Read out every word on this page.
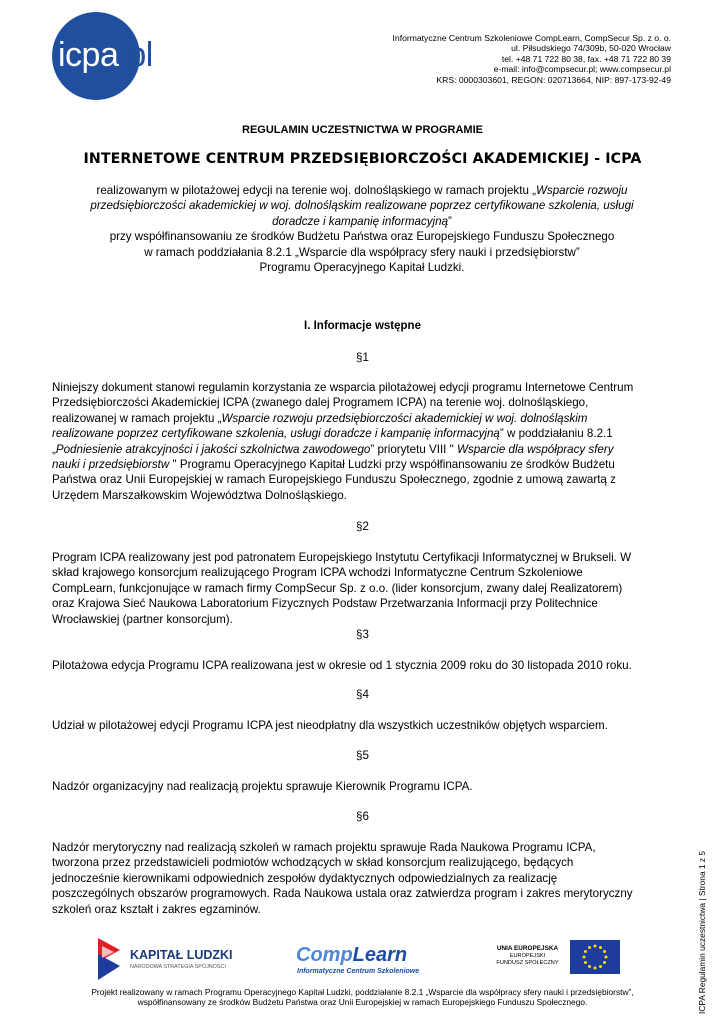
icpa.pl	Informatyczne Centrum Szkoleniowe CompLearn, CompSecur Sp. z o. o.
ul. Piłsudskiego 74/309b, 50-020 Wrocław
tel. +48 71 722 80 38, fax. +48 71 722 80 39
e-mail: info@compsecur.pl; www.compsecur.pl
KRS: 0000303601, REGON: 020713664, NIP: 897-173-92-49
REGULAMIN UCZESTNICTWA W PROGRAMIE
INTERNETOWE CENTRUM PRZEDSIĘBIORCZOŚCI AKADEMICKIEJ - ICPA
realizowanym w pilotażowej edycji na terenie woj. dolnośląskiego w ramach projektu „Wsparcie rozwoju
przedsiębiorczości akademickiej w woj. dolnośląskim realizowane poprzez certyfikowane szkolenia, usługi
doradcze i kampanię informacyjną”
przy współfinansowaniu ze środków Budżetu Państwa oraz Europejskiego Funduszu Społecznego
w ramach poddziałania 8.2.1 „Wsparcie dla współpracy sfery nauki i przedsiębiorstw”
Programu Operacyjnego Kapitał Ludzki.
I. Informacje wstępne
§1
Niniejszy dokument stanowi regulamin korzystania ze wsparcia pilotażowej edycji programu Internetowe Centrum
Przedsiębiorczości Akademickiej ICPA (zwanego dalej Programem ICPA) na terenie woj. dolnośląskiego,
realizowanej w ramach projektu „Wsparcie rozwoju przedsiębiorczości akademickiej w woj. dolnośląskim
realizowane poprzez certyfikowane szkolenia, usługi doradcze i kampanię informacyjną” w poddziałaniu 8.2.1
„Podniesienie atrakcyjności i jakości szkolnictwa zawodowego” priorytetu VIII " Wsparcie dla współpracy sfery
nauki i przedsiębiorstw " Programu Operacyjnego Kapitał Ludzki przy współfinansowaniu ze środków Budżetu
Państwa oraz Unii Europejskiej w ramach Europejskiego Funduszu Społecznego, zgodnie z umową zawartą z
Urzędem Marszałkowskim Województwa Dolnośląskiego.
§2
Program ICPA realizowany jest pod patronatem Europejskiego Instytutu Certyfikacji Informatycznej w Brukseli. W
skład krajowego konsorcjum realizującego Program ICPA wchodzi Informatyczne Centrum Szkoleniowe
CompLearn, funkcjonujące w ramach firmy CompSecur Sp. z o.o. (lider konsorcjum, zwany dalej Realizatorem)
oraz Krajowa Sieć Naukowa Laboratorium Fizycznych Podstaw Przetwarzania Informacji przy Politechnice
Wrocławskiej (partner konsorcjum).
§3
Pilotażowa edycja Programu ICPA realizowana jest w okresie od 1 stycznia 2009 roku do 30 listopada 2010 roku.
§4
Udział w pilotażowej edycji Programu ICPA jest nieodpłatny dla wszystkich uczestników objętych wsparciem.
§5
Nadzór organizacyjny nad realizacją projektu sprawuje Kierownik Programu ICPA.
§6
Nadzór merytoryczny nad realizacją szkoleń w ramach projektu sprawuje Rada Naukowa Programu ICPA,
tworzona przez przedstawicieli podmiotów wchodzących w skład konsorcjum realizującego, będących
jednocześnie kierownikami odpowiednich zespołów dydaktycznych odpowiedzialnych za realizację
poszczególnych obszarów programowych. Rada Naukowa ustala oraz zatwierdza program i zakres merytoryczny
szkoleń oraz kształt i zakres egzaminów.	ICPA Regulamin uczestnictwa | Strona 1 z 5
KAPITAŁ LUDZKI
NARODOWA STRATEGIA SPÓJNOŚCI
CompLearn
Informatyczne Centrum Szkoleniowe
UNIA EUROPEJSKA
EUROPEJSKI
FUNDUSZ SPOŁECZNY
Projekt realizowany w ramach Programu Operacyjnego Kapitał Ludzki, poddziałanie 8.2.1 „Wsparcie dla współpracy sfery nauki i przedsiębiorstw”,
współfinansowany ze środków Budżetu Państwa oraz Unii Europejskiej w ramach Europejskiego Funduszu Społecznego.
